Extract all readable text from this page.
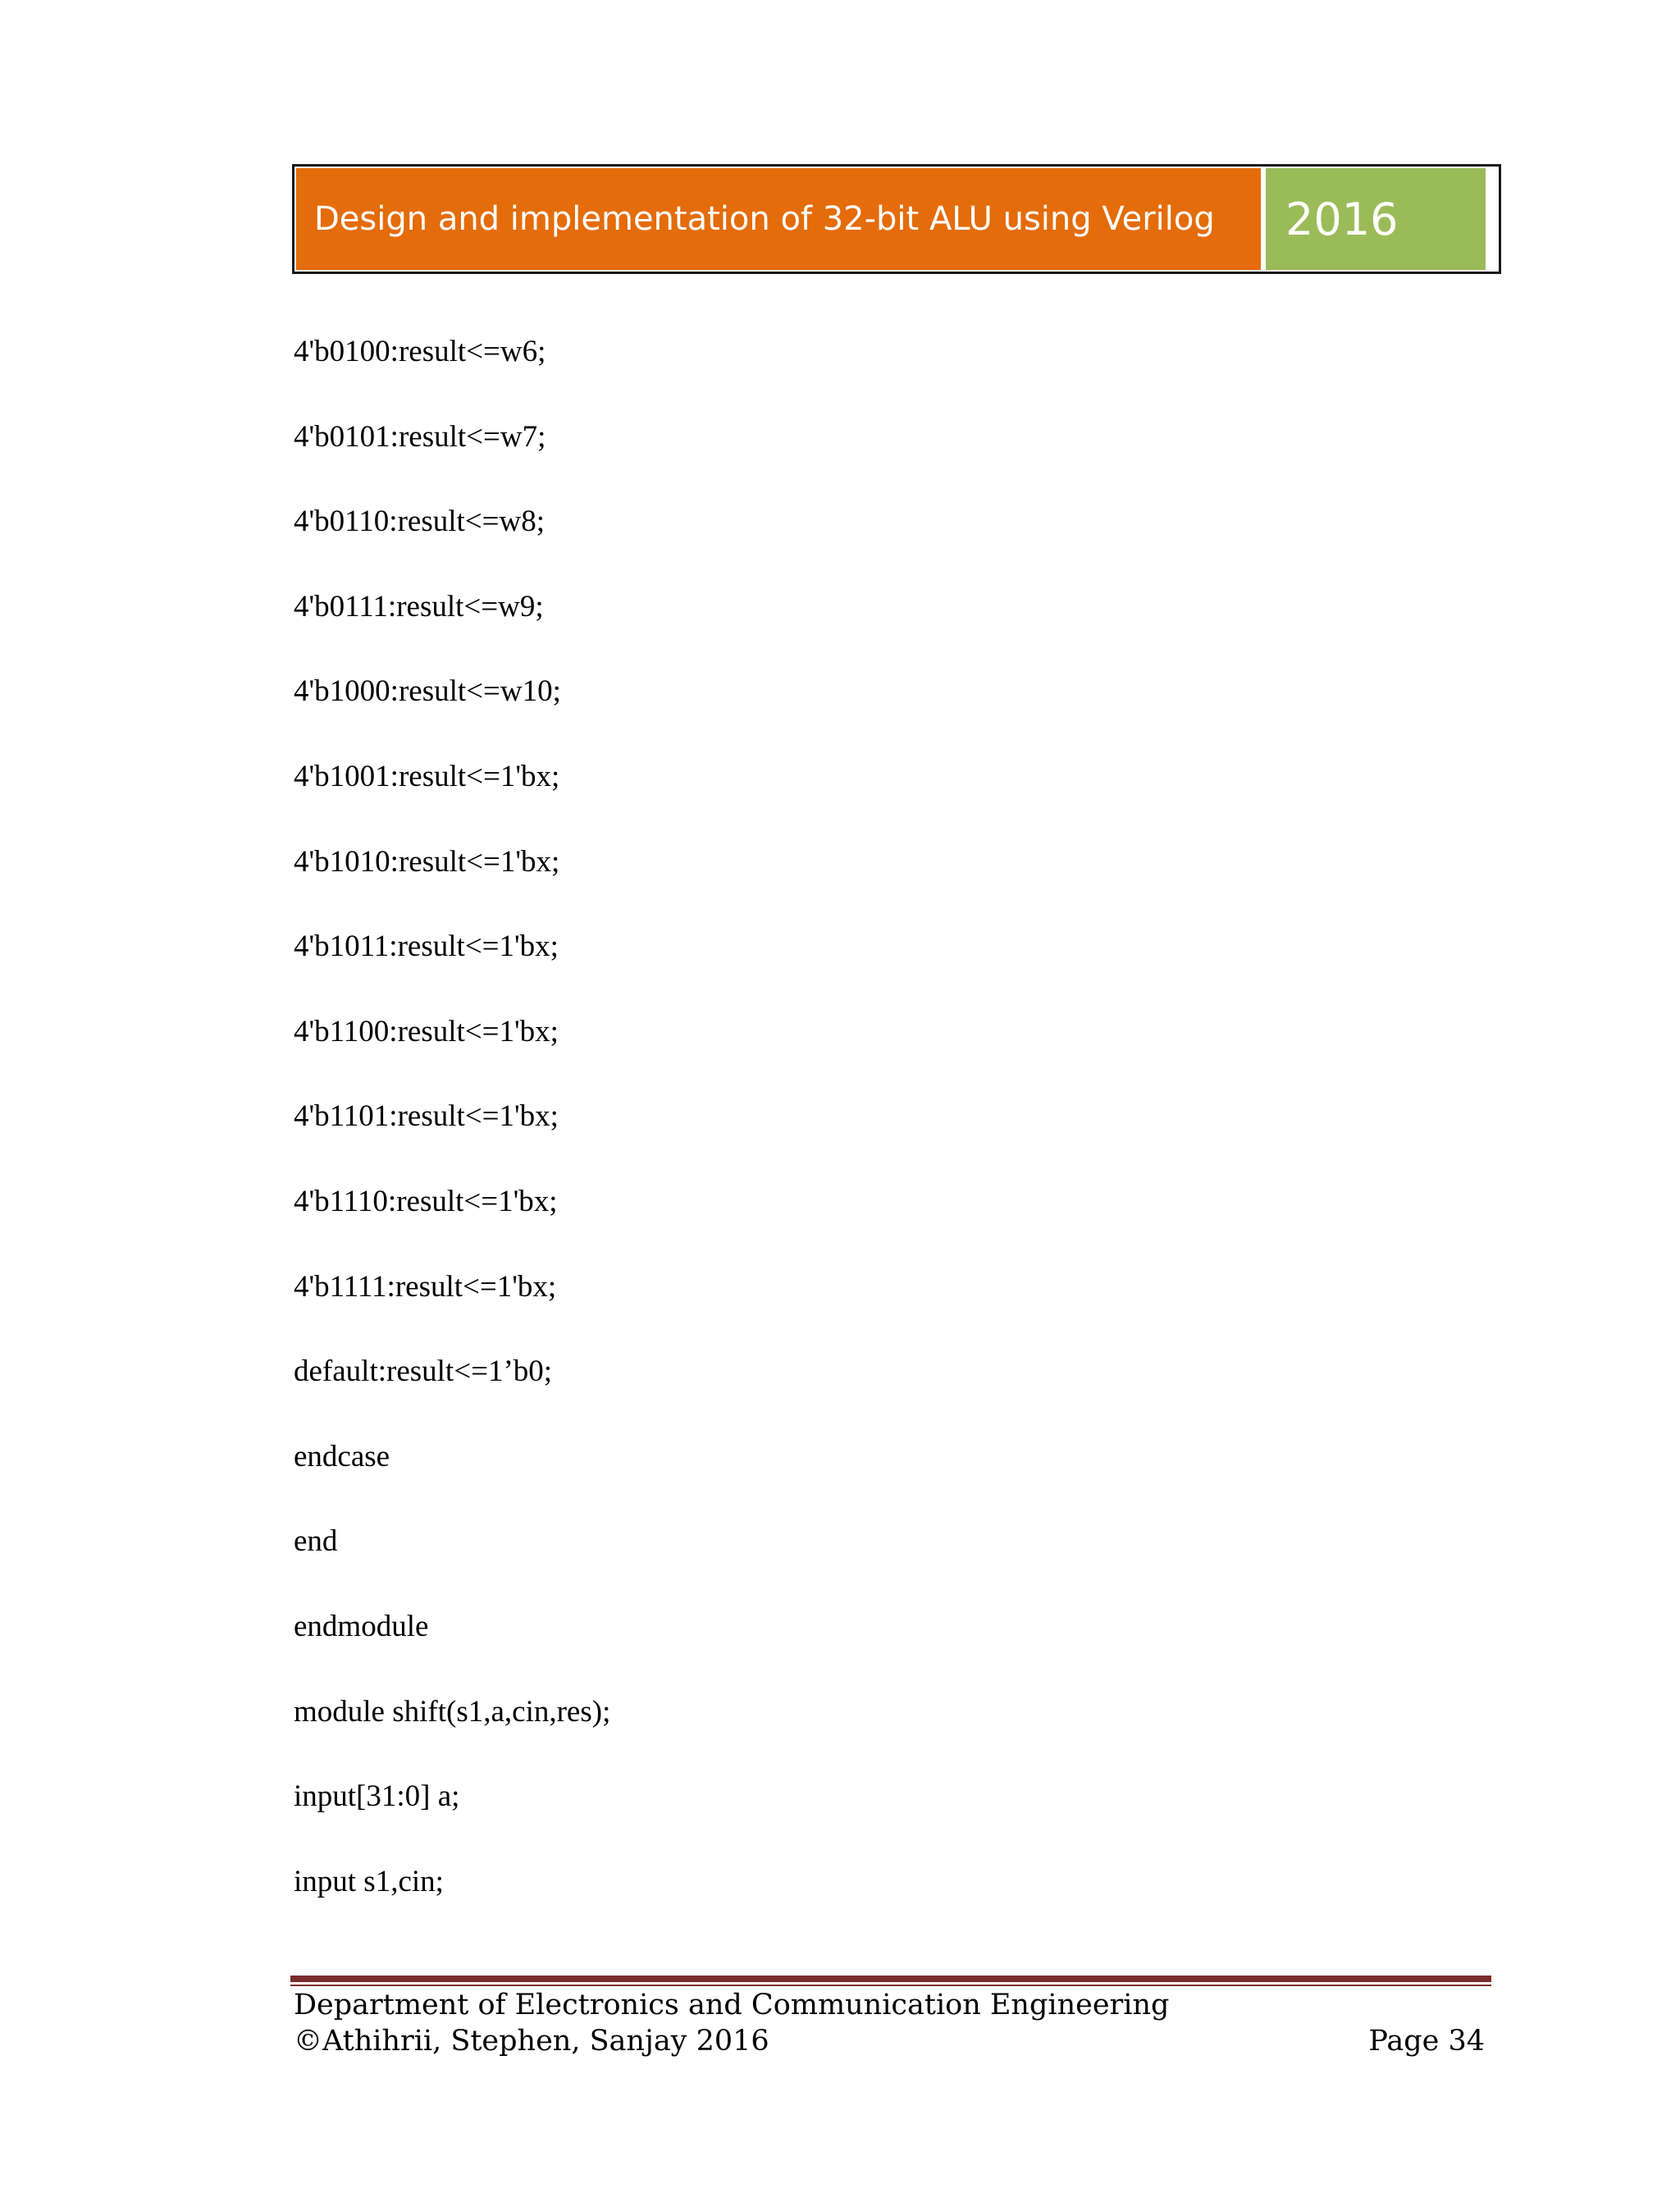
Design and implementation of 32-bit ALU using Verilog	2016
4'b0100:result<=w6;
4'b0101:result<=w7;
4'b0110:result<=w8;
4'b0111:result<=w9;
4'b1000:result<=w10;
4'b1001:result<=1'bx;
4'b1010:result<=1'bx;
4'b1011:result<=1'bx;
4'b1100:result<=1'bx;
4'b1101:result<=1'bx;
4'b1110:result<=1'bx;
4'b1111:result<=1'bx;
default:result<=1’b0;
endcase
end
endmodule
module shift(s1,a,cin,res);
input[31:0] a;
input s1,cin;
Department of Electronics and Communication Engineering
©Athihrii, Stephen, Sanjay 2016	Page 34
